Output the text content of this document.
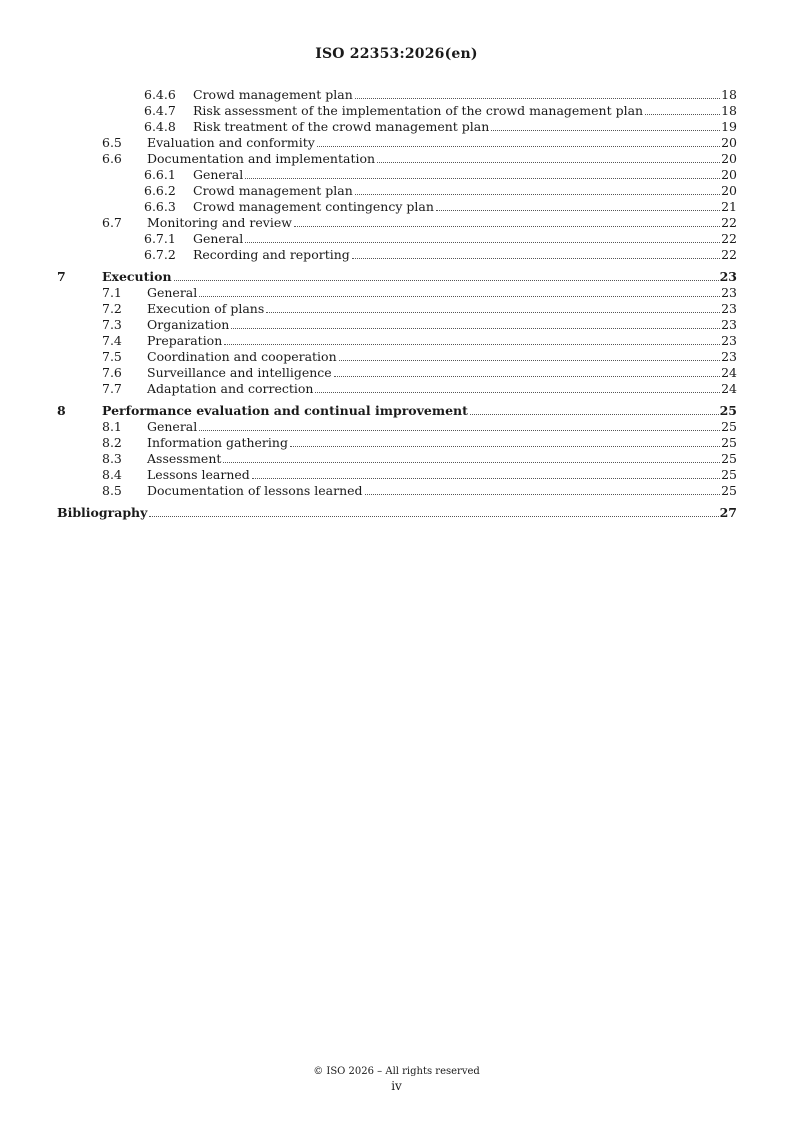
ISO 22353:2026(en)
6.4.6 Crowd management plan	18
6.4.7 Risk assessment of the implementation of the crowd management plan	18
6.4.8 Risk treatment of the crowd management plan	19
6.5 Evaluation and conformity	20
6.6 Documentation and implementation	20
6.6.1 General	20
6.6.2 Crowd management plan	20
6.6.3 Crowd management contingency plan	21
6.7 Monitoring and review	22
6.7.1 General	22
6.7.2 Recording and reporting	22
7	Execution	23
7.1 General	23
7.2 Execution of plans	23
7.3 Organization	23
7.4 Preparation	23
7.5 Coordination and cooperation	23
7.6 Surveillance and intelligence	24
7.7 Adaptation and correction	24
8	Performance evaluation and continual improvement	25
8.1 General	25
8.2 Information gathering	25
8.3 Assessment	25
8.4 Lessons learned	25
8.5 Documentation of lessons learned	25
Bibliography	27
© ISO 2026 – All rights reserved
iv
